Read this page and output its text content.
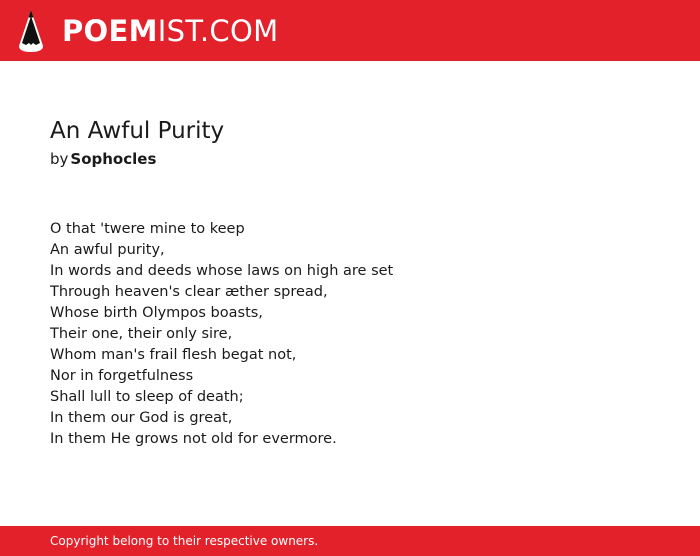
POEMIST.COM
An Awful Purity
by Sophocles
O that 'twere mine to keep
An awful purity,
In words and deeds whose laws on high are set
Through heaven's clear æther spread,
Whose birth Olympos boasts,
Their one, their only sire,
Whom man's frail flesh begat not,
Nor in forgetfulness
Shall lull to sleep of death;
In them our God is great,
In them He grows not old for evermore.
Copyright belong to their respective owners.
